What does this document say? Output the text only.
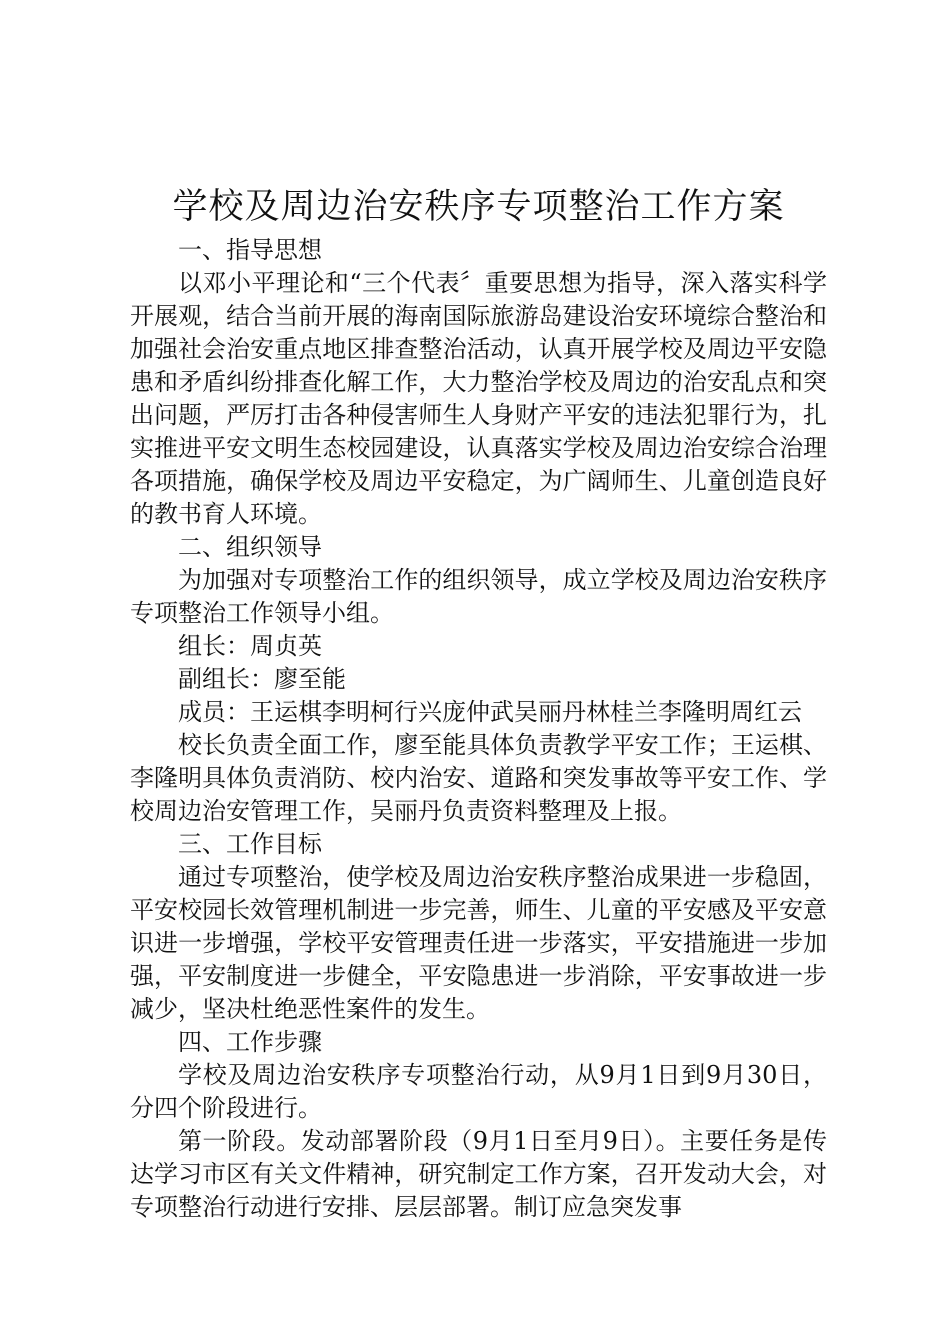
学校及周边治安秩序专项整治工作方案

一、指导思想

以邓小平理论和“三个代表〞重要思想为指导，深入落实科学开展观，结合当前开展的海南国际旅游岛建设治安环境综合整治和加强社会治安重点地区排查整治活动，认真开展学校及周边平安隐患和矛盾纠纷排查化解工作，大力整治学校及周边的治安乱点和突出问题，严厉打击各种侵害师生人身财产平安的违法犯罪行为，扎实推进平安文明生态校园建设，认真落实学校及周边治安综合治理各项措施，确保学校及周边平安稳定，为广阔师生、儿童创造良好的教书育人环境。

二、组织领导

为加强对专项整治工作的组织领导，成立学校及周边治安秩序专项整治工作领导小组。

组长：周贞英

副组长：廖至能

成员：王运棋李明柯行兴庞仲武吴丽丹林桂兰李隆明周红云

校长负责全面工作，廖至能具体负责教学平安工作；王运棋、李隆明具体负责消防、校内治安、道路和突发事故等平安工作、学校周边治安管理工作，吴丽丹负责资料整理及上报。

三、工作目标

通过专项整治，使学校及周边治安秩序整治成果进一步稳固，平安校园长效管理机制进一步完善，师生、儿童的平安感及平安意识进一步增强，学校平安管理责任进一步落实，平安措施进一步加强，平安制度进一步健全，平安隐患进一步消除，平安事故进一步减少，坚决杜绝恶性案件的发生。

四、工作步骤

学校及周边治安秩序专项整治行动，从9月1日到9月30日，分四个阶段进行。

第一阶段。发动部署阶段（9月1日至月9日）。主要任务是传达学习市区有关文件精神，研究制定工作方案，召开发动大会，对专项整治行动进行安排、层层部署。制订应急突发事
